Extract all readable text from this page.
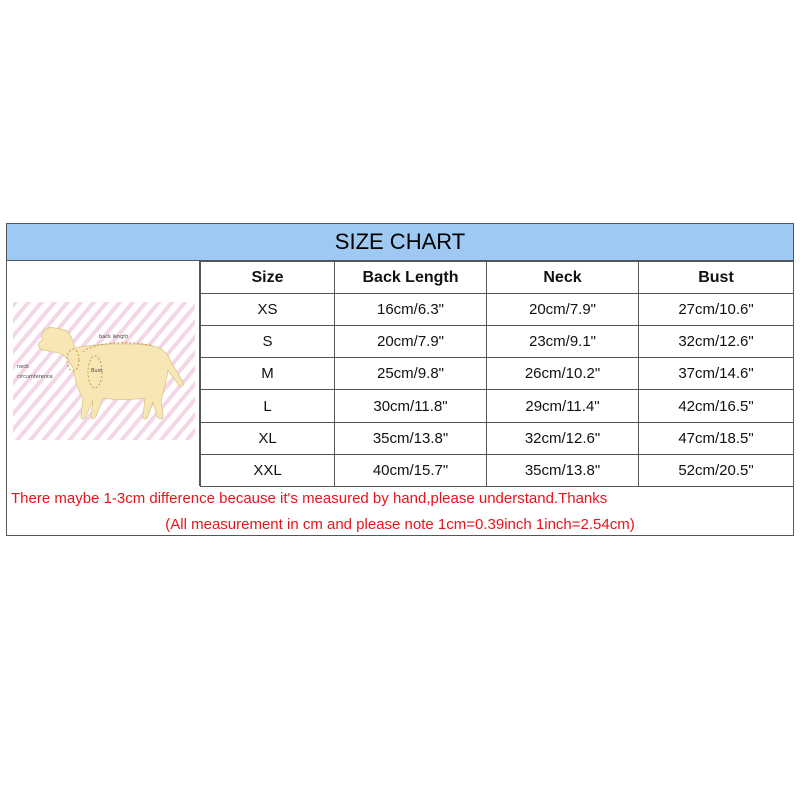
SIZE CHART
back length
neck
circumference
Bust
Size	Back Length	Neck	Bust
XS	16cm/6.3"	20cm/7.9"	27cm/10.6"
S	20cm/7.9"	23cm/9.1"	32cm/12.6"
M	25cm/9.8"	26cm/10.2"	37cm/14.6"
L	30cm/11.8"	29cm/11.4"	42cm/16.5"
XL	35cm/13.8"	32cm/12.6"	47cm/18.5"
XXL	40cm/15.7"	35cm/13.8"	52cm/20.5"
There maybe 1-3cm difference because it's measured by hand,please understand.Thanks
(All measurement in cm and please note 1cm=0.39inch 1inch=2.54cm)
